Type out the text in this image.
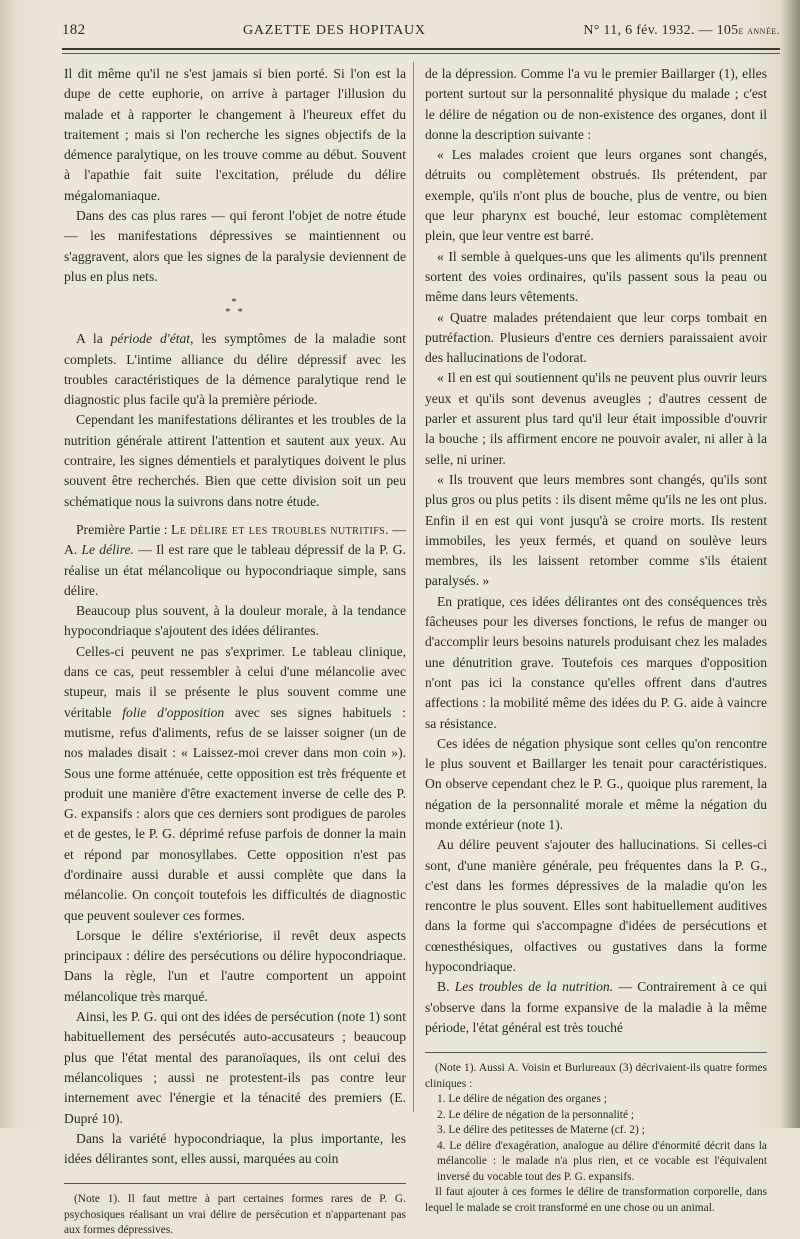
182	GAZETTE DES HOPITAUX	N° 11, 6 fév. 1932. — 105e année.

Il dit même qu'il ne s'est jamais si bien porté. Si l'on est la dupe de cette euphorie, on arrive à partager l'illusion du malade et à rapporter le changement à l'heureux effet du traitement ; mais si l'on recherche les signes objectifs de la démence paralytique, on les trouve comme au début. Souvent à l'apathie fait suite l'excitation, prélude du délire mégalomaniaque.

Dans des cas plus rares — qui feront l'objet de notre étude — les manifestations dépressives se maintiennent ou s'aggravent, alors que les signes de la paralysie deviennent de plus en plus nets.

*
* *

A la période d'état, les symptômes de la maladie sont complets. L'intime alliance du délire dépressif avec les troubles caractéristiques de la démence paralytique rend le diagnostic plus facile qu'à la première période.

Cependant les manifestations délirantes et les troubles de la nutrition générale attirent l'attention et sautent aux yeux. Au contraire, les signes démentiels et paralytiques doivent le plus souvent être recherchés. Bien que cette division soit un peu schématique nous la suivrons dans notre étude.

Première Partie : Le délire et les troubles nutritifs. — A. Le délire. — Il est rare que le tableau dépressif de la P. G. réalise un état mélancolique ou hypocondriaque simple, sans délire.

Beaucoup plus souvent, à la douleur morale, à la tendance hypocondriaque s'ajoutent des idées délirantes.

Celles-ci peuvent ne pas s'exprimer. Le tableau clinique, dans ce cas, peut ressembler à celui d'une mélancolie avec stupeur, mais il se présente le plus souvent comme une véritable folie d'opposition avec ses signes habituels : mutisme, refus d'aliments, refus de se laisser soigner (un de nos malades disait : « Laissez-moi crever dans mon coin »). Sous une forme atténuée, cette opposition est très fréquente et produit une manière d'être exactement inverse de celle des P. G. expansifs : alors que ces derniers sont prodigues de paroles et de gestes, le P. G. déprimé refuse parfois de donner la main et répond par monosyllabes. Cette opposition n'est pas d'ordinaire aussi durable et aussi complète que dans la mélancolie. On conçoit toutefois les difficultés de diagnostic que peuvent soulever ces formes.

Lorsque le délire s'extériorise, il revêt deux aspects principaux : délire des persécutions ou délire hypocondriaque. Dans la règle, l'un et l'autre comportent un appoint mélancolique très marqué.

Ainsi, les P. G. qui ont des idées de persécution (note 1) sont habituellement des persécutés auto-accusateurs ; beaucoup plus que l'état mental des paranoïaques, ils ont celui des mélancoliques ; aussi ne protestent-ils pas contre leur internement avec l'énergie et la ténacité des premiers (E. Dupré 10).

Dans la variété hypocondriaque, la plus importante, les idées délirantes sont, elles aussi, marquées au coin

(Note 1). Il faut mettre à part certaines formes rares de P. G. psychosiques réalisant un vrai délire de persécution et n'appartenant pas aux formes dépressives.

de la dépression. Comme l'a vu le premier Baillarger (1), elles portent surtout sur la personnalité physique du malade ; c'est le délire de négation ou de non-existence des organes, dont il donne la description suivante :

« Les malades croient que leurs organes sont changés, détruits ou complètement obstrués. Ils prétendent, par exemple, qu'ils n'ont plus de bouche, plus de ventre, ou bien que leur pharynx est bouché, leur estomac complètement plein, que leur ventre est barré.

« Il semble à quelques-uns que les aliments qu'ils prennent sortent des voies ordinaires, qu'ils passent sous la peau ou même dans leurs vêtements.

« Quatre malades prétendaient que leur corps tombait en putréfaction. Plusieurs d'entre ces derniers paraissaient avoir des hallucinations de l'odorat.

« Il en est qui soutiennent qu'ils ne peuvent plus ouvrir leurs yeux et qu'ils sont devenus aveugles ; d'autres cessent de parler et assurent plus tard qu'il leur était impossible d'ouvrir la bouche ; ils affirment encore ne pouvoir avaler, ni aller à la selle, ni uriner.

« Ils trouvent que leurs membres sont changés, qu'ils sont plus gros ou plus petits : ils disent même qu'ils ne les ont plus. Enfin il en est qui vont jusqu'à se croire morts. Ils restent immobiles, les yeux fermés, et quand on soulève leurs membres, ils les laissent retomber comme s'ils étaient paralysés. »

En pratique, ces idées délirantes ont des conséquences très fâcheuses pour les diverses fonctions, le refus de manger ou d'accomplir leurs besoins naturels produisant chez les malades une dénutrition grave. Toutefois ces marques d'opposition n'ont pas ici la constance qu'elles offrent dans d'autres affections : la mobilité même des idées du P. G. aide à vaincre sa résistance.

Ces idées de négation physique sont celles qu'on rencontre le plus souvent et Baillarger les tenait pour caractéristiques. On observe cependant chez le P. G., quoique plus rarement, la négation de la personnalité morale et même la négation du monde extérieur (note 1).

Au délire peuvent s'ajouter des hallucinations. Si celles-ci sont, d'une manière générale, peu fréquentes dans la P. G., c'est dans les formes dépressives de la maladie qu'on les rencontre le plus souvent. Elles sont habituellement auditives dans la forme qui s'accompagne d'idées de persécutions et cœnesthésiques, olfactives ou gustatives dans la forme hypocondriaque.

B. Les troubles de la nutrition. — Contrairement à ce qui s'observe dans la forme expansive de la maladie à la même période, l'état général est très touché

(Note 1). Aussi A. Voisin et Burlureaux (3) décrivaient-ils quatre formes cliniques :

1. Le délire de négation des organes ;
2. Le délire de négation de la personnalité ;
3. Le délire des petitesses de Materne (cf. 2) ;
4. Le délire d'exagération, analogue au délire d'énormité décrit dans la mélancolie : le malade n'a plus rien, et ce vocable est l'équivalent inversé du vocable tout des P. G. expansifs.

Il faut ajouter à ces formes le délire de transformation corporelle, dans lequel le malade se croit transformé en une chose ou un animal.
